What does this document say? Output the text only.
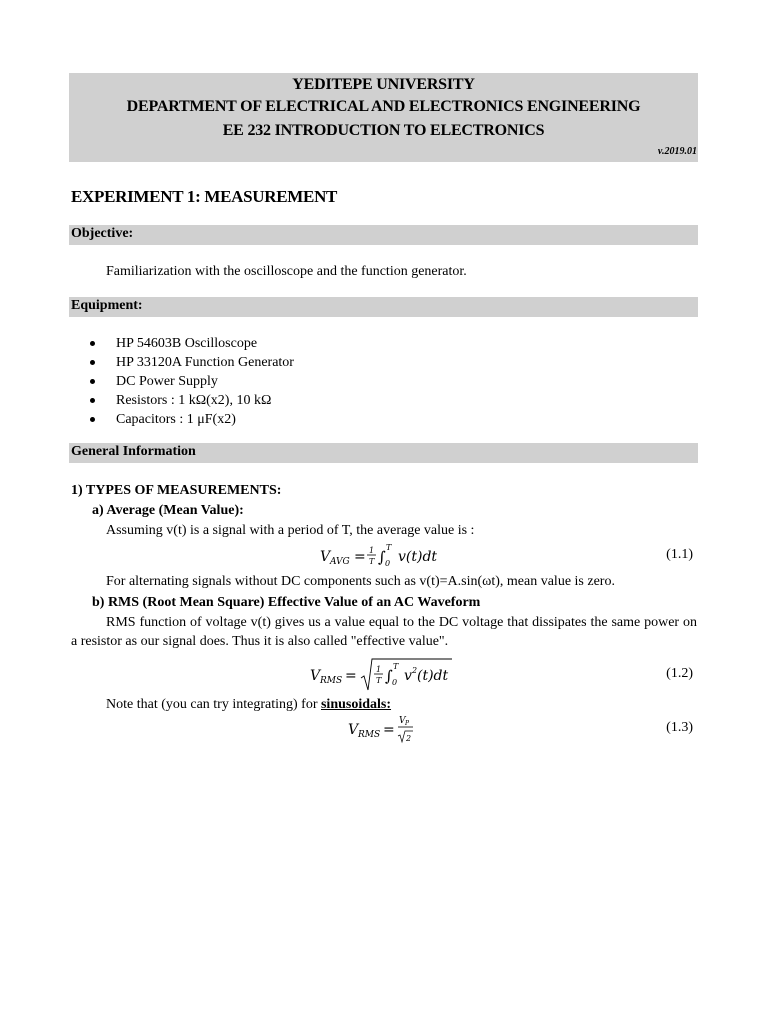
YEDITEPE UNIVERSITY
DEPARTMENT OF ELECTRICAL AND ELECTRONICS ENGINEERING
EE 232 INTRODUCTION TO ELECTRONICS
v.2019.01
EXPERIMENT 1: MEASUREMENT
Objective:
Familiarization with the oscilloscope and the function generator.
Equipment:
HP 54603B Oscilloscope
HP 33120A Function Generator
DC Power Supply
Resistors : 1 kΩ(x2), 10 kΩ
Capacitors : 1 μF(x2)
General Information
1) TYPES OF MEASUREMENTS:
a) Average (Mean Value):
Assuming v(t) is a signal with a period of T, the average value is :
V AVG = 1
T ∫
T
0 v(t)dt	(1.1)
For alternating signals without DC components such as v(t)=A.sin(ωt), mean value is zero.
b) RMS (Root Mean Square) Effective Value of an AC Waveform
RMS function of voltage v(t) gives us a value equal to the DC voltage that dissipates the same power on a resistor as our signal does. Thus it is also called "effective value".
V RMS = 1
T ∫
T
0 v 2 (t)dt	(1.2)
Note that (you can try integrating) for sinusoidals:
V RMS =
V P
2
(1.3)
